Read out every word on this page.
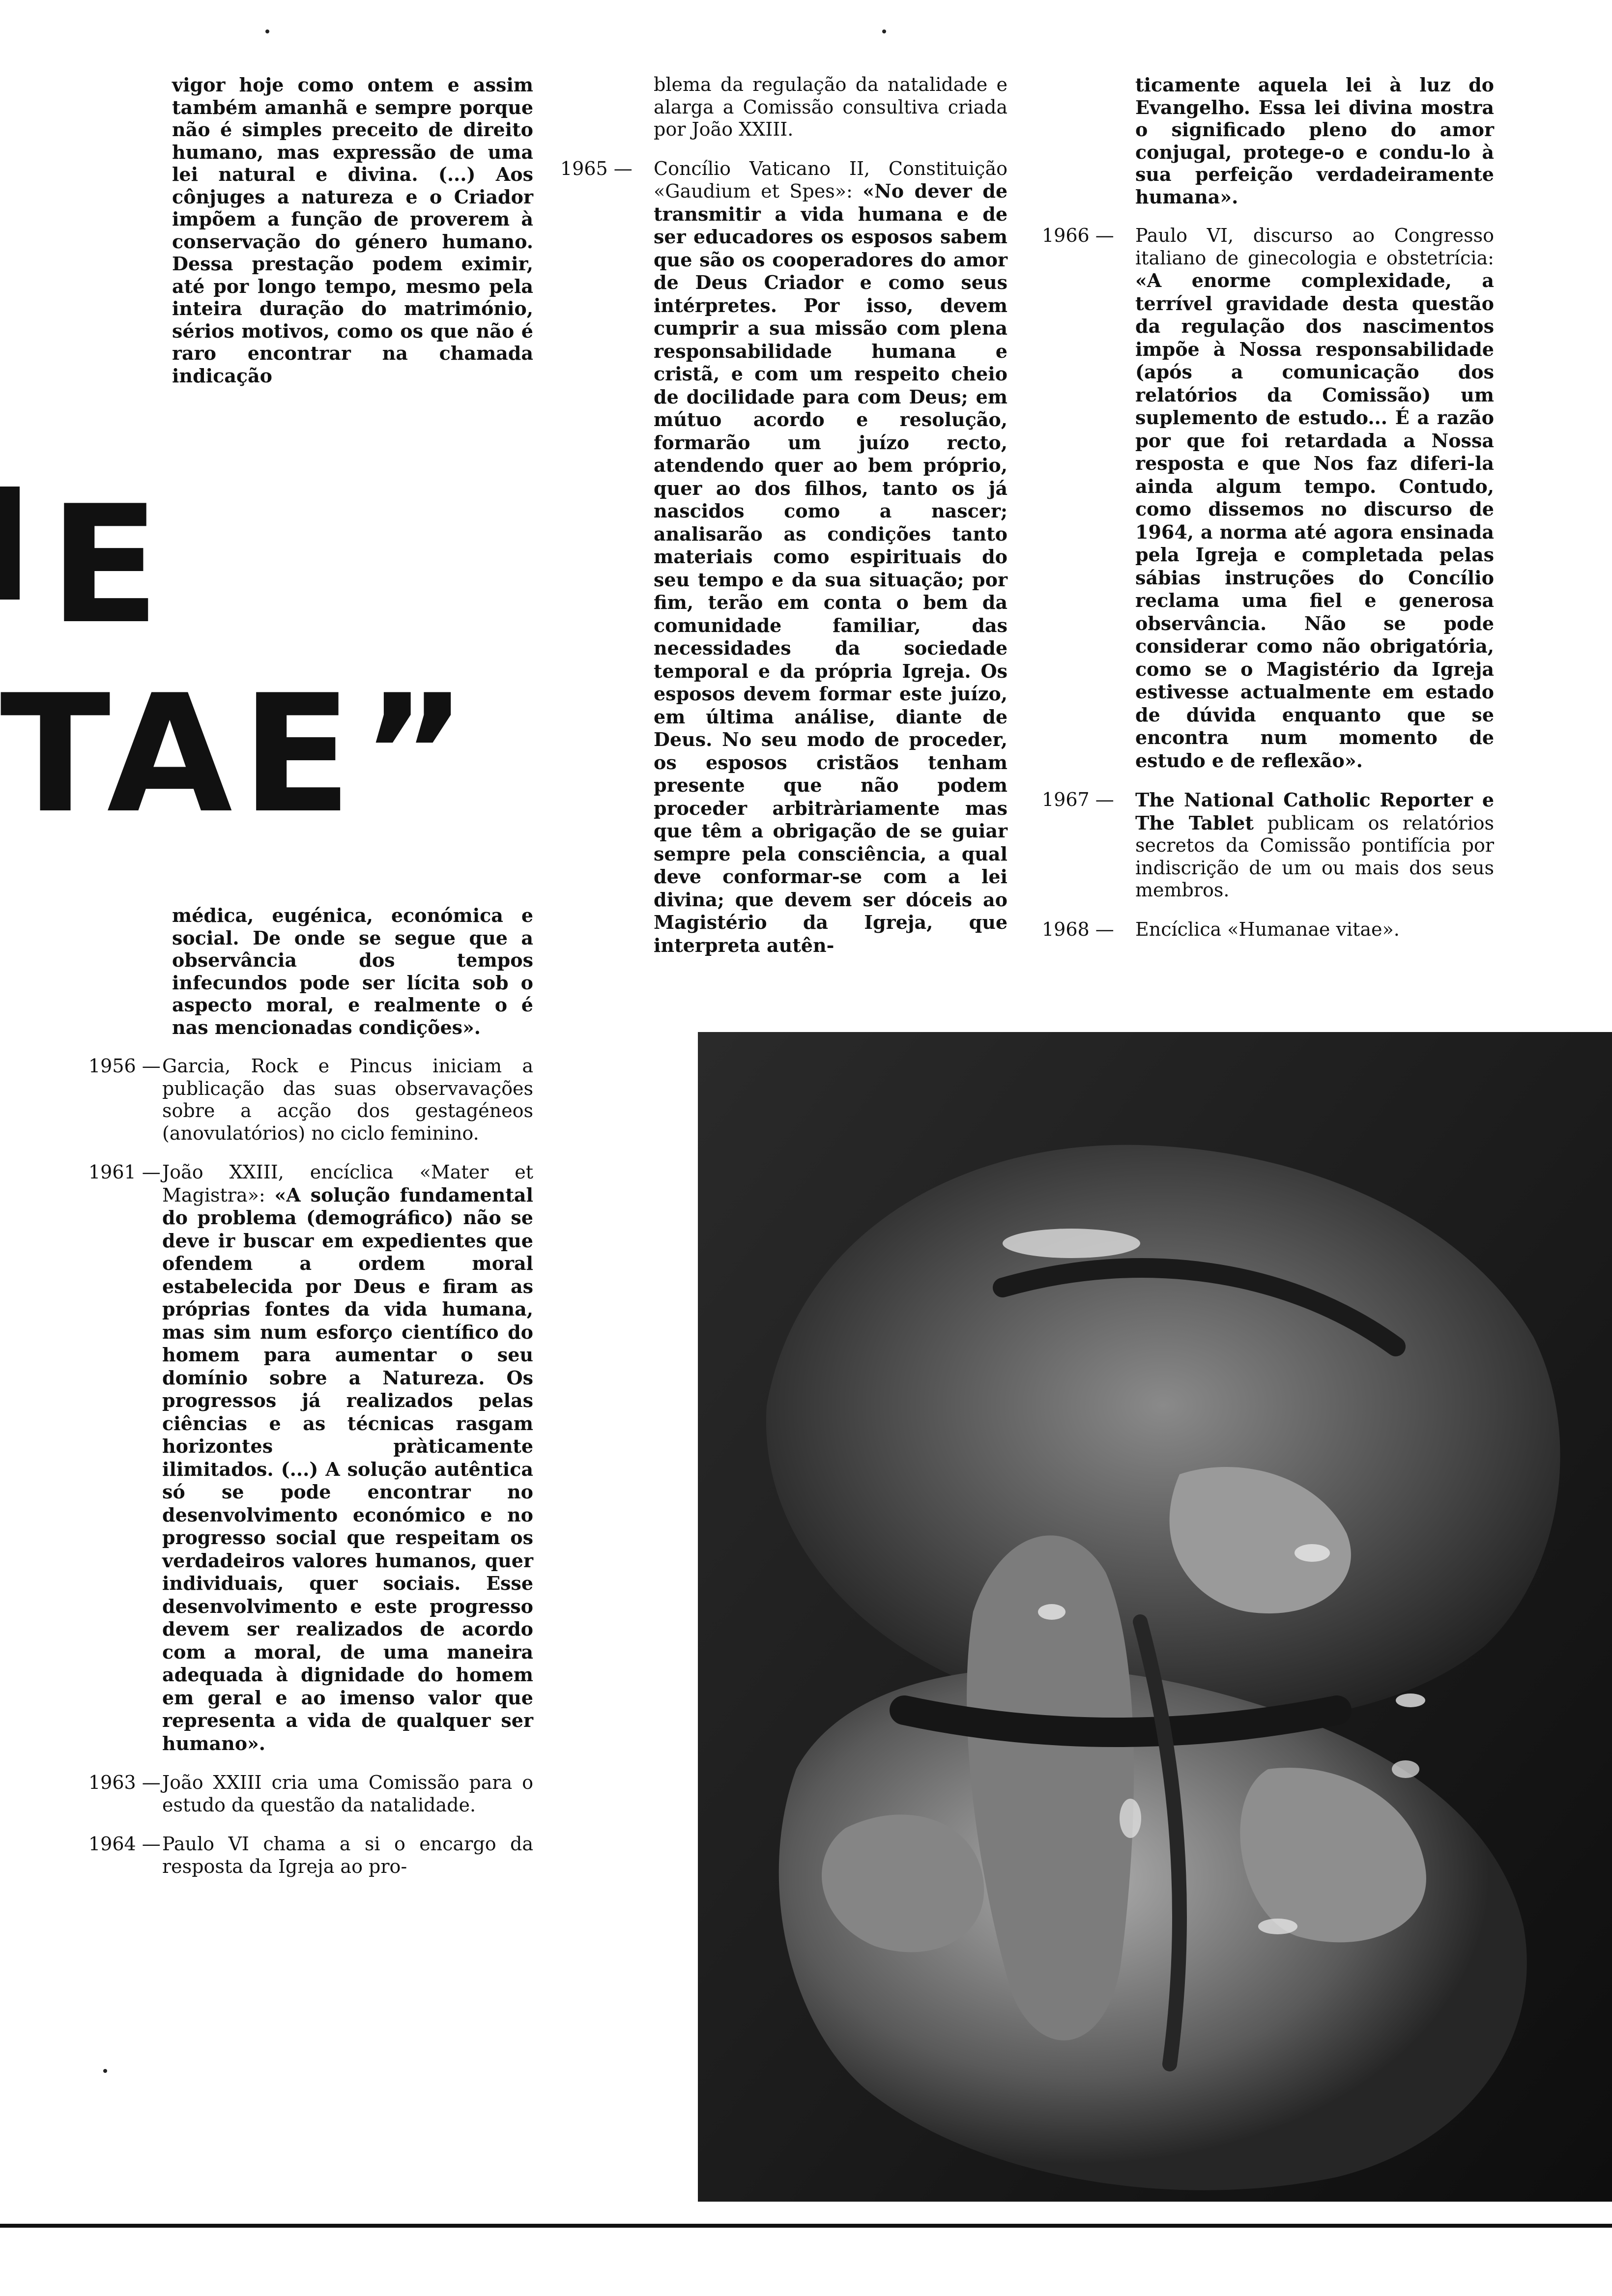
vigor hoje como ontem e assim também amanhã e sempre porque não é simples preceito de direito humano, mas expressão de uma lei natural e divina. (...) Aos cônjuges a natureza e o Criador impõem a função de proverem à conservação do género humano. Dessa prestação podem eximir, até por longo tempo, mesmo pela inteira duração do matrimónio, sérios motivos, como os que não é raro encontrar na chamada indicação

E
TAE”

médica, eugénica, económica e social. De onde se segue que a observância dos tempos infecundos pode ser lícita sob o aspecto moral, e realmente o é nas mencionadas condições».

1956 — Garcia, Rock e Pincus iniciam a publicação das suas observavações sobre a acção dos gestagéneos (anovulatórios) no ciclo feminino.
1961 — João XXIII, encíclica «Mater et Magistra»: «A solução fundamental do problema (demográfico) não se deve ir buscar em expedientes que ofendem a ordem moral estabelecida por Deus e firam as próprias fontes da vida humana, mas sim num esforço científico do homem para aumentar o seu domínio sobre a Natureza. Os progressos já realizados pelas ciências e as técnicas rasgam horizontes pràticamente ilimitados. (...) A solução autêntica só se pode encontrar no desenvolvimento económico e no progresso social que respeitam os verdadeiros valores humanos, quer individuais, quer sociais. Esse desenvolvimento e este progresso devem ser realizados de acordo com a moral, de uma maneira adequada à dignidade do homem em geral e ao imenso valor que representa a vida de qualquer ser humano».
1963 — João XXIII cria uma Comissão para o estudo da questão da natalidade.
1964 — Paulo VI chama a si o encargo da resposta da Igreja ao pro-

blema da regulação da natalidade e alarga a Comissão consultiva criada por João XXIII.

1965 —	Concílio Vaticano II, Constituição «Gaudium et Spes»: «No dever de transmitir a vida humana e de ser educadores os esposos sabem que são os cooperadores do amor de Deus Criador e como seus intérpretes. Por isso, devem cumprir a sua missão com plena responsabilidade humana e cristã, e com um respeito cheio de docilidade para com Deus; em mútuo acordo e resolução, formarão um juízo recto, atendendo quer ao bem próprio, quer ao dos filhos, tanto os já nascidos como a nascer; analisarão as condições tanto materiais como espirituais do seu tempo e da sua situação; por fim, terão em conta o bem da comunidade familiar, das necessidades da sociedade temporal e da própria Igreja. Os esposos devem formar este juízo, em última análise, diante de Deus. No seu modo de proceder, os esposos cristãos tenham presente que não podem proceder arbitràriamente mas que têm a obrigação de se guiar sempre pela consciência, a qual deve conformar-se com a lei divina; que devem ser dóceis ao Magistério da Igreja, que interpreta autên-

ticamente aquela lei à luz do Evangelho. Essa lei divina mostra o significado pleno do amor conjugal, protege-o e condu-lo à sua perfeição verdadeiramente humana».

1966 —	Paulo VI, discurso ao Congresso italiano de ginecologia e obstetrícia: «A enorme complexidade, a terrível gravidade desta questão da regulação dos nascimentos impõe à Nossa responsabilidade (após a comunicação dos relatórios da Comissão) um suplemento de estudo... É a razão por que foi retardada a Nossa resposta e que Nos faz diferi-la ainda algum tempo. Contudo, como dissemos no discurso de 1964, a norma até agora ensinada pela Igreja e completada pelas sábias instruções do Concílio reclama uma fiel e generosa observância. Não se pode considerar como não obrigatória, como se o Magistério da Igreja estivesse actualmente em estado de dúvida enquanto que se encontra num momento de estudo e de reflexão».
1967 —	The National Catholic Reporter e The Tablet publicam os relatórios secretos da Comissão pontifícia por indiscrição de um ou mais dos seus membros.
1968 —	Encíclica «Humanae vitae».
